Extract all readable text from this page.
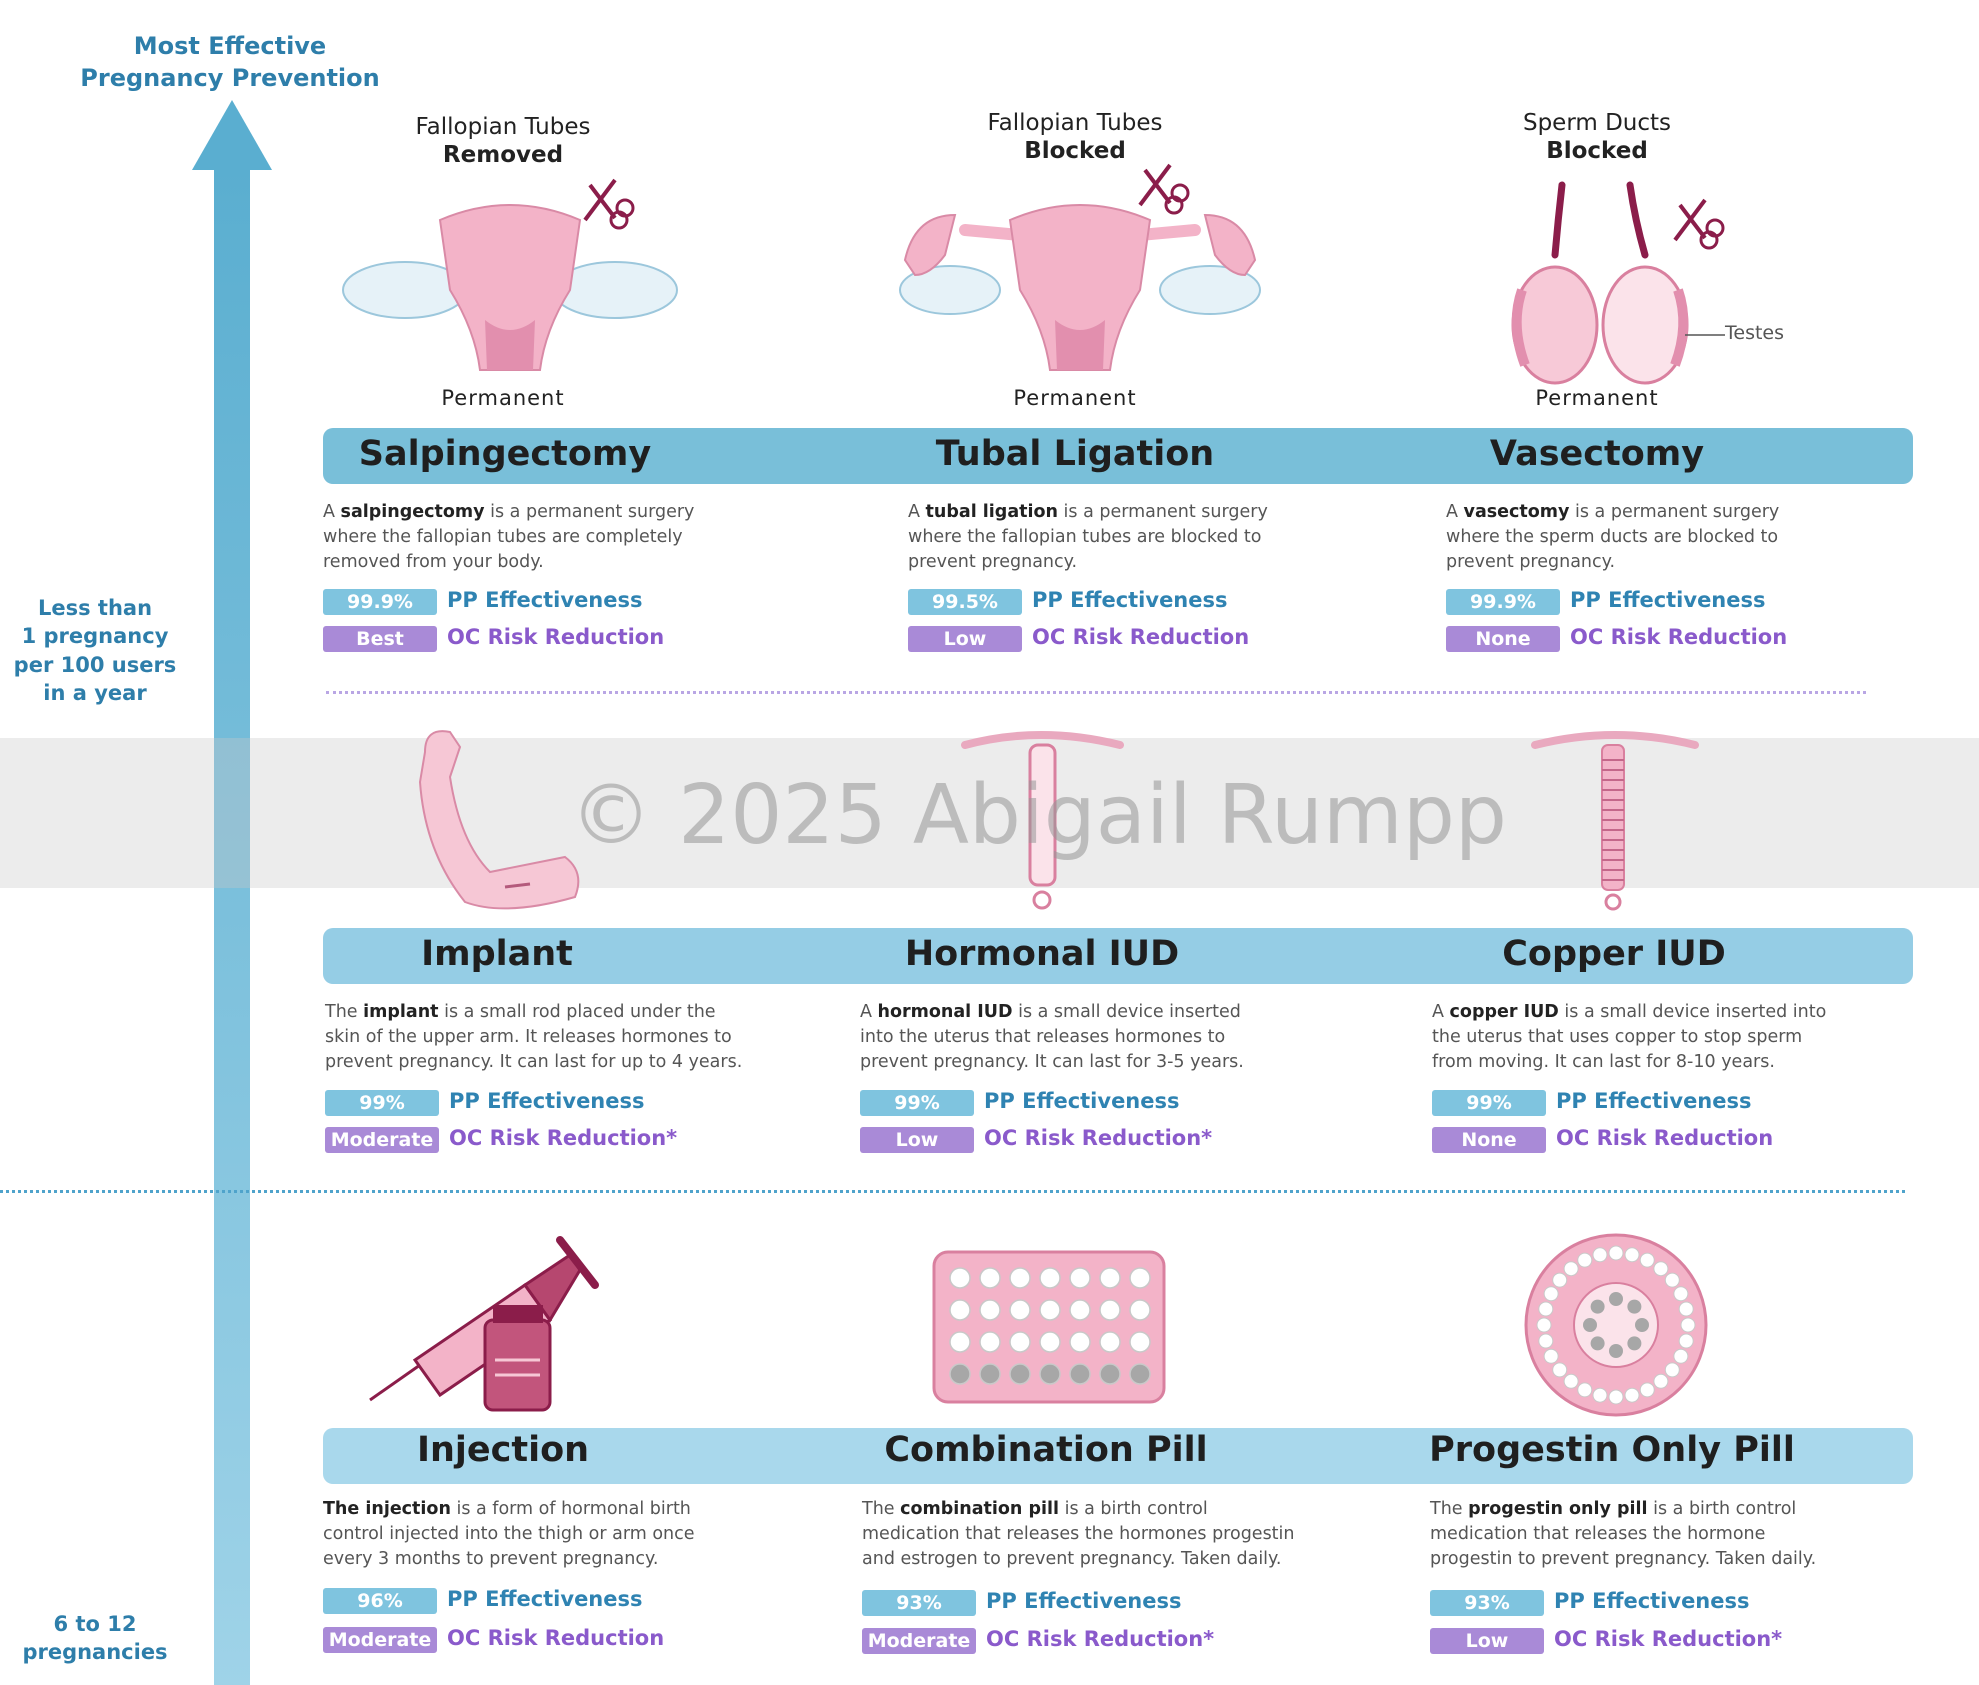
Most Effective
Pregnancy Prevention
Less than
1 pregnancy
per 100 users
in a year
6 to 12
pregnancies
Fallopian Tubes
Removed
Permanent
Salpingectomy
A salpingectomy is a permanent surgery where the fallopian tubes are completely removed from your body.
99.9%	PP Effectiveness
Best	OC Risk Reduction
Fallopian Tubes
Blocked
Permanent
Tubal Ligation
A tubal ligation is a permanent surgery where the fallopian tubes are blocked to prevent pregnancy.
99.5%	PP Effectiveness
Low	OC Risk Reduction
Sperm Ducts
Blocked
Testes
Permanent
Vasectomy
A vasectomy is a permanent surgery where the sperm ducts are blocked to prevent pregnancy.
99.9%	PP Effectiveness
None	OC Risk Reduction
Implant
The implant is a small rod placed under the skin of the upper arm. It releases hormones to prevent pregnancy. It can last for up to 4 years.
99%	PP Effectiveness
Moderate OC Risk Reduction*
Hormonal IUD
A hormonal IUD is a small device inserted into the uterus that releases hormones to prevent pregnancy. It can last for 3-5 years.
99%	PP Effectiveness
Low	OC Risk Reduction*
Copper IUD
A copper IUD is a small device inserted into the uterus that uses copper to stop sperm from moving. It can last for 8-10 years.
99%	PP Effectiveness
None	OC Risk Reduction
© 2025 Abigail Rumpp
Injection
The injection is a form of hormonal birth control injected into the thigh or arm once every 3 months to prevent pregnancy.
96%	PP Effectiveness
Moderate OC Risk Reduction
Combination Pill
The combination pill is a birth control medication that releases the hormones progestin and estrogen to prevent pregnancy. Taken daily.
93%	PP Effectiveness
Moderate OC Risk Reduction*
Progestin Only Pill
The progestin only pill is a birth control medication that releases the hormone progestin to prevent pregnancy. Taken daily.
93%	PP Effectiveness
Low	OC Risk Reduction*
